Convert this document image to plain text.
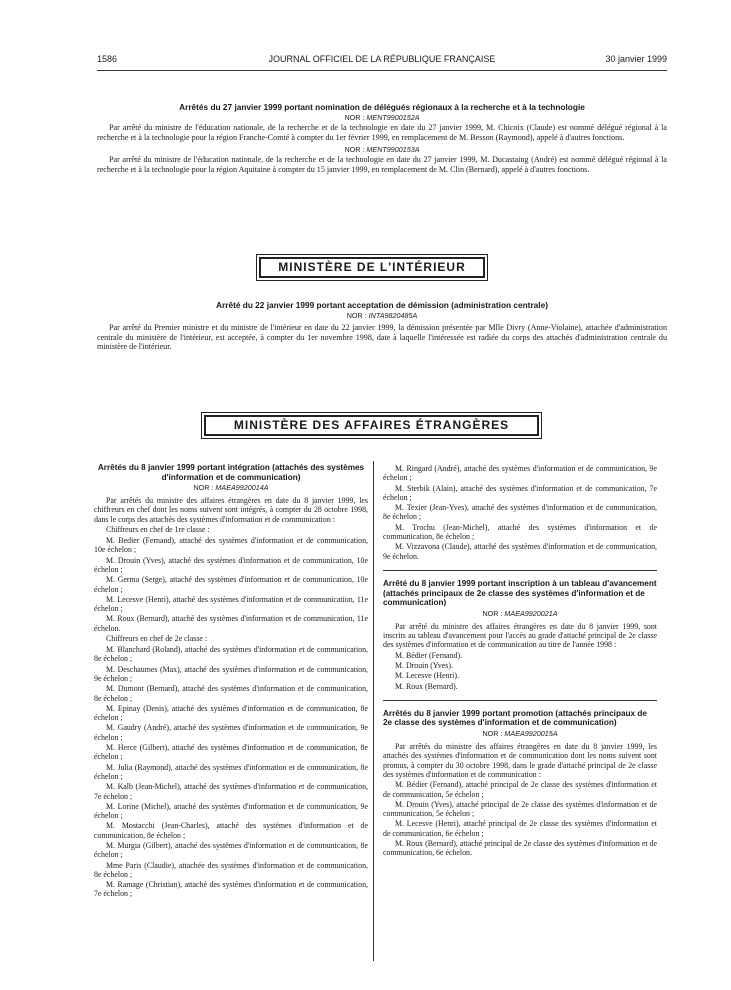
1586	JOURNAL OFFICIEL DE LA RÉPUBLIQUE FRANÇAISE	30 janvier 1999
Arrêtés du 27 janvier 1999 portant nomination de délégués régionaux à la recherche et à la technologie
NOR : MENT9900152A

Par arrêté du ministre de l'éducation nationale, de la recherche et de la technologie en date du 27 janvier 1999, M. Chicoix (Claude) est nommé délégué régional à la recherche et à la technologie pour la région Franche-Comté à compter du 1er février 1999, en remplacement de M. Besson (Raymond), appelé à d'autres fonctions.

NOR : MENT9900153A

Par arrêté du ministre de l'éducation nationale, de la recherche et de la technologie en date du 27 janvier 1999, M. Ducastaing (André) est nommé délégué régional à la recherche et à la technologie pour la région Aquitaine à compter du 15 janvier 1999, en remplacement de M. Clin (Bernard), appelé à d'autres fonctions.

MINISTÈRE DE L'INTÉRIEUR
Arrêté du 22 janvier 1999 portant acceptation de démission (administration centrale)
NOR : INTA9820485A

Par arrêté du Premier ministre et du ministre de l'intérieur en date du 22 janvier 1999, la démission présentée par Mlle Divry (Anne-Violaine), attachée d'administration centrale du ministère de l'intérieur, est acceptée, à compter du 1er novembre 1998, date à laquelle l'intéressée est radiée du corps des attachés d'administration centrale du ministère de l'intérieur.

MINISTÈRE DES AFFAIRES ÉTRANGÈRES
Arrêtés du 8 janvier 1999 portant intégration (attachés des systèmes d'information et de communication)
NOR : MAEA9920014A

Par arrêtés du ministre des affaires étrangères en date du 8 janvier 1999, les chiffreurs en chef dont les noms suivent sont intégrés, à compter du 28 octobre 1998, dans le corps des attachés des systèmes d'information et de communication :

Chiffreurs en chef de 1re classe :

M. Bedier (Fernand), attaché des systèmes d'information et de communication, 10e échelon ;

M. Drouin (Yves), attaché des systèmes d'information et de communication, 10e échelon ;

M. Germa (Serge), attaché des systèmes d'information et de communication, 10e échelon ;

M. Lecesve (Henri), attaché des systèmes d'information et de communication, 11e échelon ;

M. Roux (Bernard), attaché des systèmes d'information et de communication, 11e échelon.

Chiffreurs en chef de 2e classe :

M. Blanchard (Roland), attaché des systèmes d'information et de communication, 8e échelon ;

M. Deschaumes (Max), attaché des systèmes d'information et de communication, 9e échelon ;

M. Dumont (Bernard), attaché des systèmes d'information et de communication, 8e échelon ;

M. Epinay (Denis), attaché des systèmes d'information et de communication, 8e échelon ;

M. Gaudry (André), attaché des systèmes d'information et de communication, 9e échelon ;

M. Herce (Gilbert), attaché des systèmes d'information et de communication, 8e échelon ;

M. Julia (Raymond), attaché des systèmes d'information et de communication, 8e échelon ;

M. Kalb (Jean-Michel), attaché des systèmes d'information et de communication, 7e échelon ;

M. Lorine (Michel), attaché des systèmes d'information et de communication, 9e échelon ;

M. Mostacchi (Jean-Charles), attaché des systèmes d'information et de communication, 8e échelon ;

M. Murgia (Gilbert), attaché des systèmes d'information et de communication, 8e échelon ;

Mme Paris (Claudie), attachée des systèmes d'information et de communication, 8e échelon ;

M. Ramage (Christian), attaché des systèmes d'information et de communication, 7e échelon ;

M. Ringard (André), attaché des systèmes d'information et de communication, 9e échelon ;

M. Sterbik (Alain), attaché des systèmes d'information et de communication, 7e échelon ;

M. Texier (Jean-Yves), attaché des systèmes d'information et de communication, 8e échelon ;

M. Trochu (Jean-Michel), attaché des systèmes d'information et de communication, 8e échelon ;

M. Vizzavona (Claude), attaché des systèmes d'information et de communication, 9e échelon.

Arrêté du 8 janvier 1999 portant inscription à un tableau d'avancement (attachés principaux de 2e classe des systèmes d'information et de communication)
NOR : MAEA9920021A

Par arrêté du ministre des affaires étrangères en date du 8 janvier 1999, sont inscrits au tableau d'avancement pour l'accès au grade d'attaché principal de 2e classe des systèmes d'information et de communication au titre de l'année 1998 :

M. Bédier (Fernand).

M. Drouin (Yves).

M. Lecesve (Henri).

M. Roux (Bernard).

Arrêtés du 8 janvier 1999 portant promotion (attachés principaux de 2e classe des systèmes d'information et de communication)
NOR : MAEA9920015A

Par arrêtés du ministre des affaires étrangères en date du 8 janvier 1999, les attachés des systèmes d'information et de communication dont les noms suivent sont promus, à compter du 30 octobre 1998, dans le grade d'attaché principal de 2e classe des systèmes d'information et de communication :

M. Bédier (Fernand), attaché principal de 2e classe des systèmes d'information et de communication, 5e échelon ;

M. Drouin (Yves), attaché principal de 2e classe des systèmes d'information et de communication, 5e échelon ;

M. Lecesve (Henri), attaché principal de 2e classe des systèmes d'information et de communication, 6e échelon ;

M. Roux (Bernard), attaché principal de 2e classe des systèmes d'information et de communication, 6e échelon.
